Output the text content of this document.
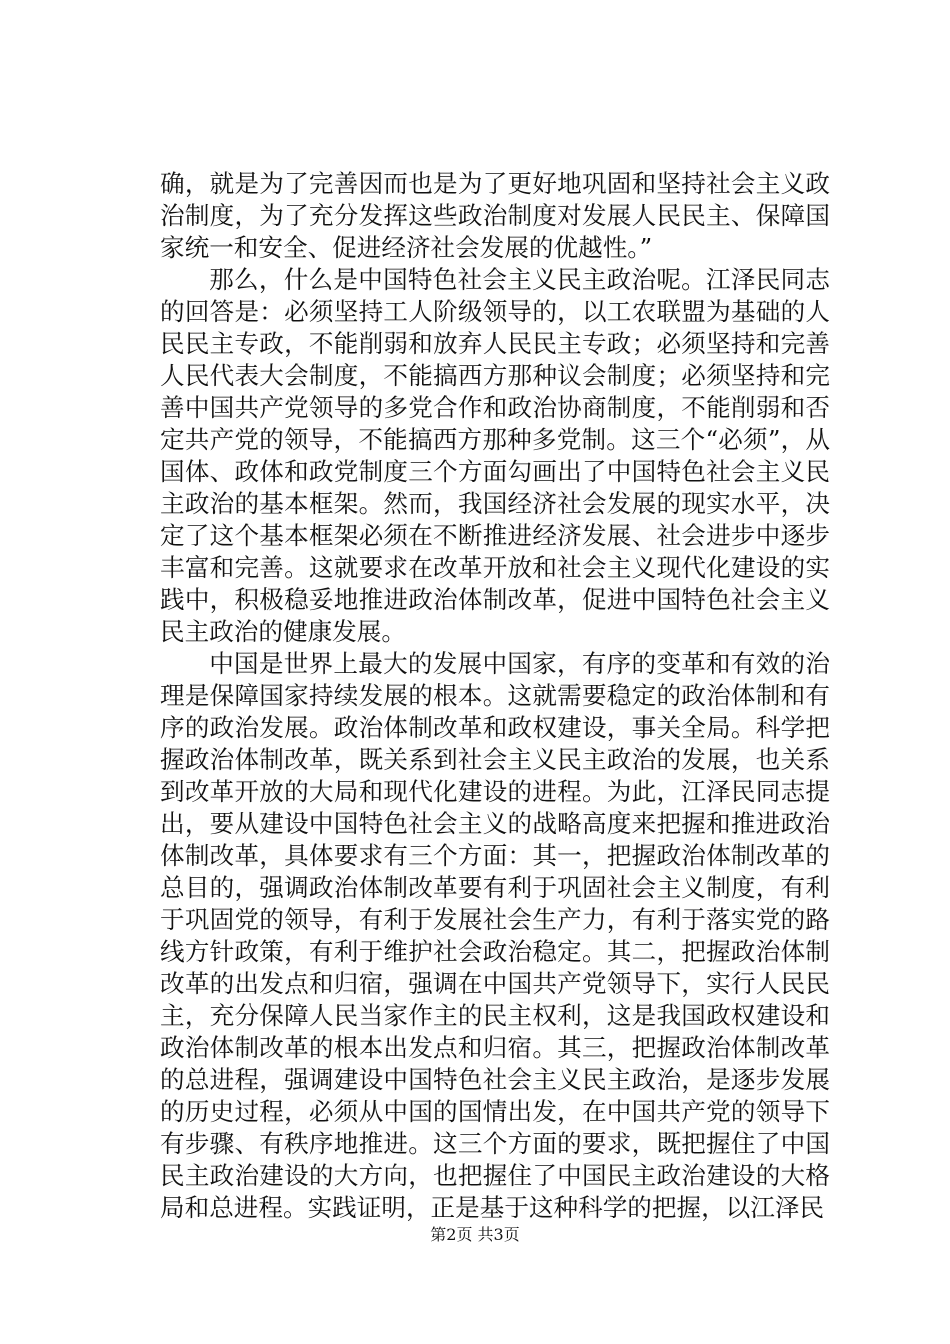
确，就是为了完善因而也是为了更好地巩固和坚持社会主义政治制度，为了充分发挥这些政治制度对发展人民民主、保障国家统一和安全、促进经济社会发展的优越性。”

那么，什么是中国特色社会主义民主政治呢。江泽民同志的回答是：必须坚持工人阶级领导的，以工农联盟为基础的人民民主专政，不能削弱和放弃人民民主专政；必须坚持和完善人民代表大会制度，不能搞西方那种议会制度；必须坚持和完善中国共产党领导的多党合作和政治协商制度，不能削弱和否定共产党的领导，不能搞西方那种多党制。这三个“必须”，从国体、政体和政党制度三个方面勾画出了中国特色社会主义民主政治的基本框架。然而，我国经济社会发展的现实水平，决定了这个基本框架必须在不断推进经济发展、社会进步中逐步丰富和完善。这就要求在改革开放和社会主义现代化建设的实践中，积极稳妥地推进政治体制改革，促进中国特色社会主义民主政治的健康发展。

中国是世界上最大的发展中国家，有序的变革和有效的治理是保障国家持续发展的根本。这就需要稳定的政治体制和有序的政治发展。政治体制改革和政权建设，事关全局。科学把握政治体制改革，既关系到社会主义民主政治的发展，也关系到改革开放的大局和现代化建设的进程。为此，江泽民同志提出，要从建设中国特色社会主义的战略高度来把握和推进政治体制改革，具体要求有三个方面：其一，把握政治体制改革的总目的，强调政治体制改革要有利于巩固社会主义制度，有利于巩固党的领导，有利于发展社会生产力，有利于落实党的路线方针政策，有利于维护社会政治稳定。其二，把握政治体制改革的出发点和归宿，强调在中国共产党领导下，实行人民民主，充分保障人民当家作主的民主权利，这是我国政权建设和政治体制改革的根本出发点和归宿。其三，把握政治体制改革的总进程，强调建设中国特色社会主义民主政治，是逐步发展的历史过程，必须从中国的国情出发，在中国共产党的领导下有步骤、有秩序地推进。这三个方面的要求，既把握住了中国民主政治建设的大方向，也把握住了中国民主政治建设的大格局和总进程。实践证明，正是基于这种科学的把握，以江泽民

第2页 共3页
